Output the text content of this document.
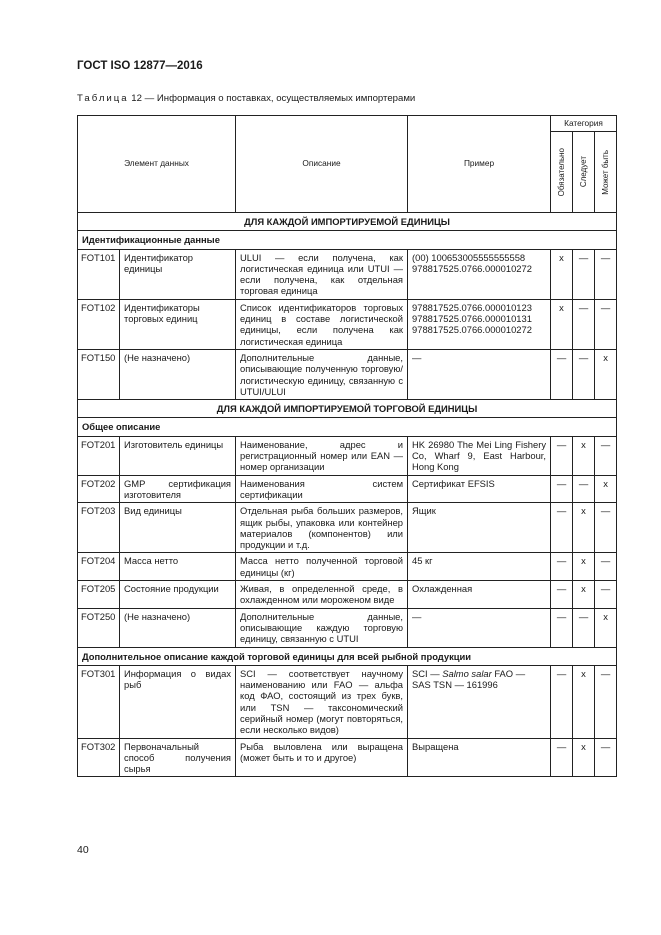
ГОСТ ISO 12877—2016
Таблица 12 — Информация о поставках, осуществляемых импортерами
Элемент данных		Описание	Пример	Категория		

				Обязательно	Следует	Может быть

ДЛЯ КАЖДОЙ ИМПОРТИРУЕМОЙ ЕДИНИЦЫ						
Идентификационные данные						
FOT101	Идентификатор единицы	ULUI — если получена, как логистическая единица или UTUI — если получена, как отдельная торговая единица	(00) 100653005555555558 978817525.0766.000010272	x	—	—
FOT102	Идентификаторы торговых единиц	Список идентификаторов торговых единиц в составе логистической единицы, если получена как логистическая единица	978817525.0766.000010123 978817525.0766.000010131 978817525.0766.000010272	x	—	—
FOT150	(Не назначено)	Дополнительные данные, описывающие полученную торговую/логистическую единицу, связанную с UTUI/ULUI	—	—	—	x
ДЛЯ КАЖДОЙ ИМПОРТИРУЕМОЙ ТОРГОВОЙ ЕДИНИЦЫ						
Общее описание						
FOT201	Изготовитель единицы	Наименование, адрес и регистрационный номер или EAN — номер организации	HK 26980 The Mei Ling Fishery Co, Wharf 9, East Harbour, Hong Kong	—	x	—
FOT202	GMP сертификация изготовителя	Наименования систем сертификации	Сертификат EFSIS	—	—	x
FOT203	Вид единицы	Отдельная рыба больших размеров, ящик рыбы, упаковка или контейнер материалов (компонентов) или продукции и т.д.	Ящик	—	x	—
FOT204	Масса нетто	Масса нетто полученной торговой единицы (кг)	45 кг	—	x	—
FOT205	Состояние продукции	Живая, в определенной среде, в охлажденном или мороженом виде	Охлажденная	—	x	—
FOT250	(Не назначено)	Дополнительные данные, описывающие каждую торговую единицу, связанную с UTUI	—	—	—	x
Дополнительное описание каждой торговой единицы для всей рыбной продукции						
FOT301	Информация о видах рыб	SCI — соответствует научному наименованию или FAO — альфа код ФАО, состоящий из трех букв, или TSN — таксономический серийный номер (могут повторяться, если несколько видов)	SCI — Salmo salar FAO — SAS TSN — 161996	—	x	—
FOT302	Первоначальный способ получения сырья	Рыба выловлена или выращена (может быть и то и другое)	Выращена	—	x	—
40
